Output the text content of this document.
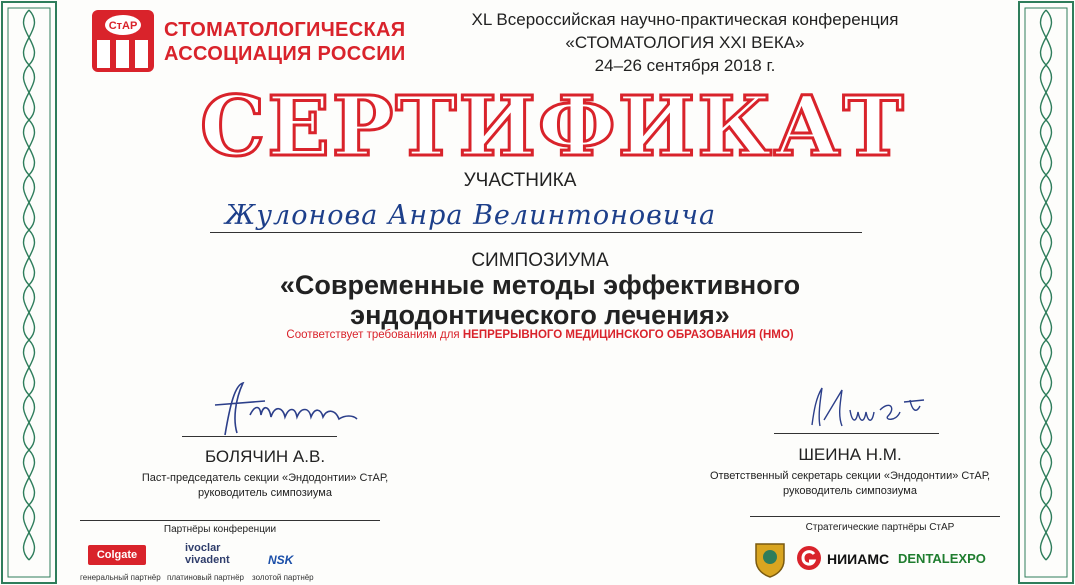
СтАР СТОМАТОЛОГИЧЕСКАЯ
АССОЦИАЦИЯ РОССИИ
XL Всероссийская научно-практическая конференция
«СТОМАТОЛОГИЯ XXI ВЕКА»
24–26 сентября 2018 г.
СЕРТИФИКАТ
УЧАСТНИКА
Жулонова Анра Велинтоновича
СИМПОЗИУМА
«Современные методы эффективного
эндодонтического лечения»
Соответствует требованиям для НЕПРЕРЫВНОГО МЕДИЦИНСКОГО ОБРАЗОВАНИЯ (НМО)
БОЛЯЧИН А.В.
Паст-председатель секции «Эндодонтии» СтАР,
руководитель симпозиума
ШЕИНА Н.М.
Ответственный секретарь секции «Эндодонтии» СтАР,
руководитель симпозиума
Партнёры конференции	Стратегические партнёры СтАР
Colgate
ivoclar
vivadent	NSK
генеральный партнёр платиновый партнёр золотой партнёр
НИИАМС DENTALEXPO
